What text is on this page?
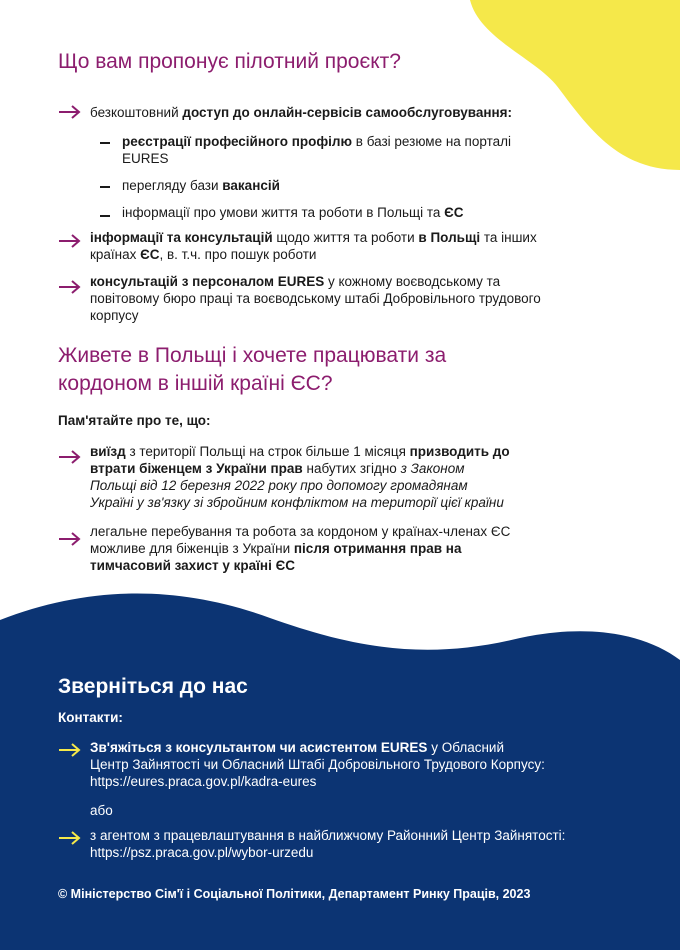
Що вам пропонує пілотний проєкт?
безкоштовний доступ до онлайн-сервісів самообслуговування:
реєстрації професійного профілю в базі резюме на порталі
EURES
перегляду бази вакансій
інформації про умови життя та роботи в Польщі та ЄС
інформації та консультацій щодо життя та роботи в Польщі та інших
країнах ЄС, в. т.ч. про пошук роботи
консультацій з персоналом EURES у кожному воєводському та
повітовому бюро праці та воєводському штабі Добровільного трудового
корпусу
Живете в Польщі і хочете працювати за
кордоном в іншій країні ЄС?
Пам'ятайте про те, що:
виїзд з території Польщі на строк більше 1 місяця призводить до
втрати біженцем з України прав набутих згідно з Законом
Польщі від 12 березня 2022 року про допомогу громадянам
Україні у зв'язку зі збройним конфліктом на території цієї країни
легальне перебування та робота за кордоном у країнах-членах ЄС
можливе для біженців з України після отримання прав на
тимчасовий захист у країні ЄС
Зверніться до нас
Контакти:
Зв'яжіться з консультантом чи асистентом EURES у Обласний
Центр Зайнятості чи Обласний Штабі Добровільного Трудового Корпусу:
https://eures.praca.gov.pl/kadra-eures
або
з агентом з працевлаштування в найближчому Районний Центр Зайнятості:
https://psz.praca.gov.pl/wybor-urzedu
© Міністерство Сім'ї і Соціальної Політики, Департамент Ринку Праців, 2023
